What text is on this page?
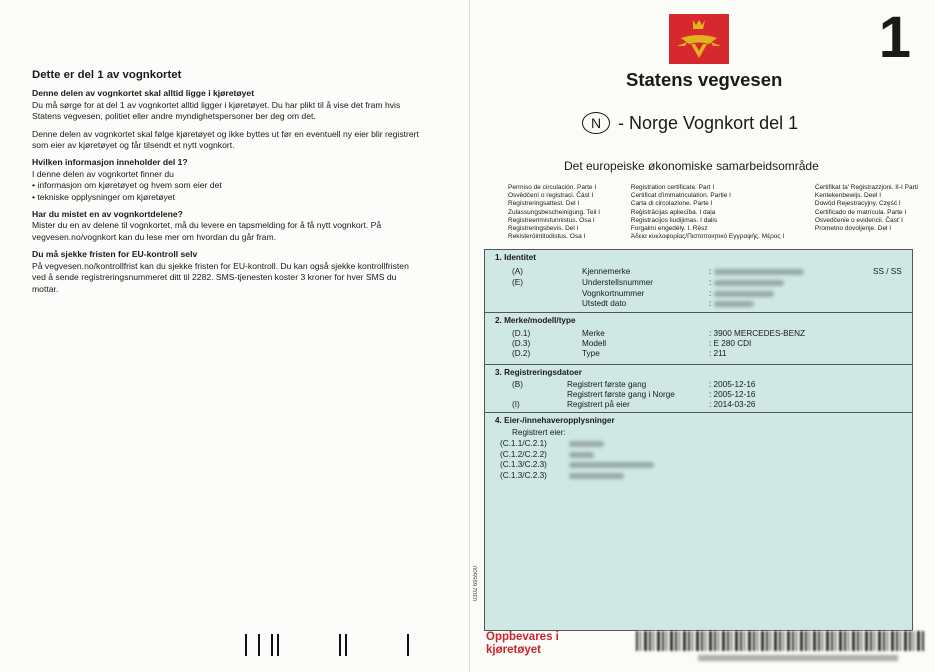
Dette er del 1 av vognkortet
Denne delen av vognkortet skal alltid ligge i kjøretøyet

Du må sørge for at del 1 av vognkortet alltid ligger i kjøretøyet. Du har plikt til å vise det fram hvis Statens vegvesen, politiet eller andre myndighetspersoner ber deg om det.

Denne delen av vognkortet skal følge kjøretøyet og ikke byttes ut før en eventuell ny eier blir registrert som eier av kjøretøyet og får tilsendt et nytt vognkort.

Hvilken informasjon inneholder del 1?
I denne delen av vognkortet finner du
• informasjon om kjøretøyet og hvem som eier det
• tekniske opplysninger om kjøretøyet
Har du mistet en av vognkortdelene?

Mister du en av delene til vognkortet, må du levere en tapsmelding for å få nytt vognkort. På vegvesen.no/vognkort kan du lese mer om hvordan du går fram.

Du må sjekke fristen for EU-kontroll selv

På vegvesen.no/kontrollfrist kan du sjekke fristen for EU-kontroll. Du kan også sjekke kontrollfristen ved å sende registreringsnummeret ditt til 2282. SMS-tjenesten koster 3 kroner for hver SMS du mottar.

1
Statens vegvesen
N - Norge Vognkort del 1
Det europeiske økonomiske samarbeidsområde
Permiso de circulación. Parte I
Osvědčení o registraci. Část I
Registreringsattest. Del I
Zulassungsbescheinigung. Teil I
Registreerimistunnistus. Osa I
Registreringsbevis. Del I
Rekisteröintitodistus. Osa I
Registration certificate. Part I
Certificat d'immatriculation. Partie I
Carta di circolazione. Parte I
Reģistrācijas apliecība. I daļa
Registracijos liudijimas. I dalis
Forgalmi engedély. I. Rész
Άδεια κυκλοφορίας/Πιστοποιητικό Εγγραφής. Μέρος I
Ċertifikat ta' Reġistrazzjoni. II-I Parti
Kentekenbewijs. Deel I
Dowód Rejestracyjny. Część I
Certificado de matrícula. Parte I
Osvedčenie o evidencii. Časť I
Prometno dovoljenje. Del I
1. Identitet
(A)	Kjennemerke	:	SS / SS
(E)	Understellsnummer	:
Vognkortnummer	:
Utstedt dato	:
2. Merke/modell/type
(D.1)	Merke	: 3900 MERCEDES-BENZ
(D.3)	Modell	: E 280 CDI
(D.2)	Type	: 211
3. Registreringsdatoer
(B)	Registrert første gang	: 2005-12-16
Registrert første gang i Norge	: 2005-12-16
(I)	Registrert på eier	: 2014-03-26
4. Eier-/innehaveropplysninger
Registrert eier:
(C.1.1/C.2.1)
(C.1.2/C.2.2)
(C.1.3/C.2.3)
(C.1.3/C.2.3)
0302 695500
Oppbevares i
kjøretøyet
